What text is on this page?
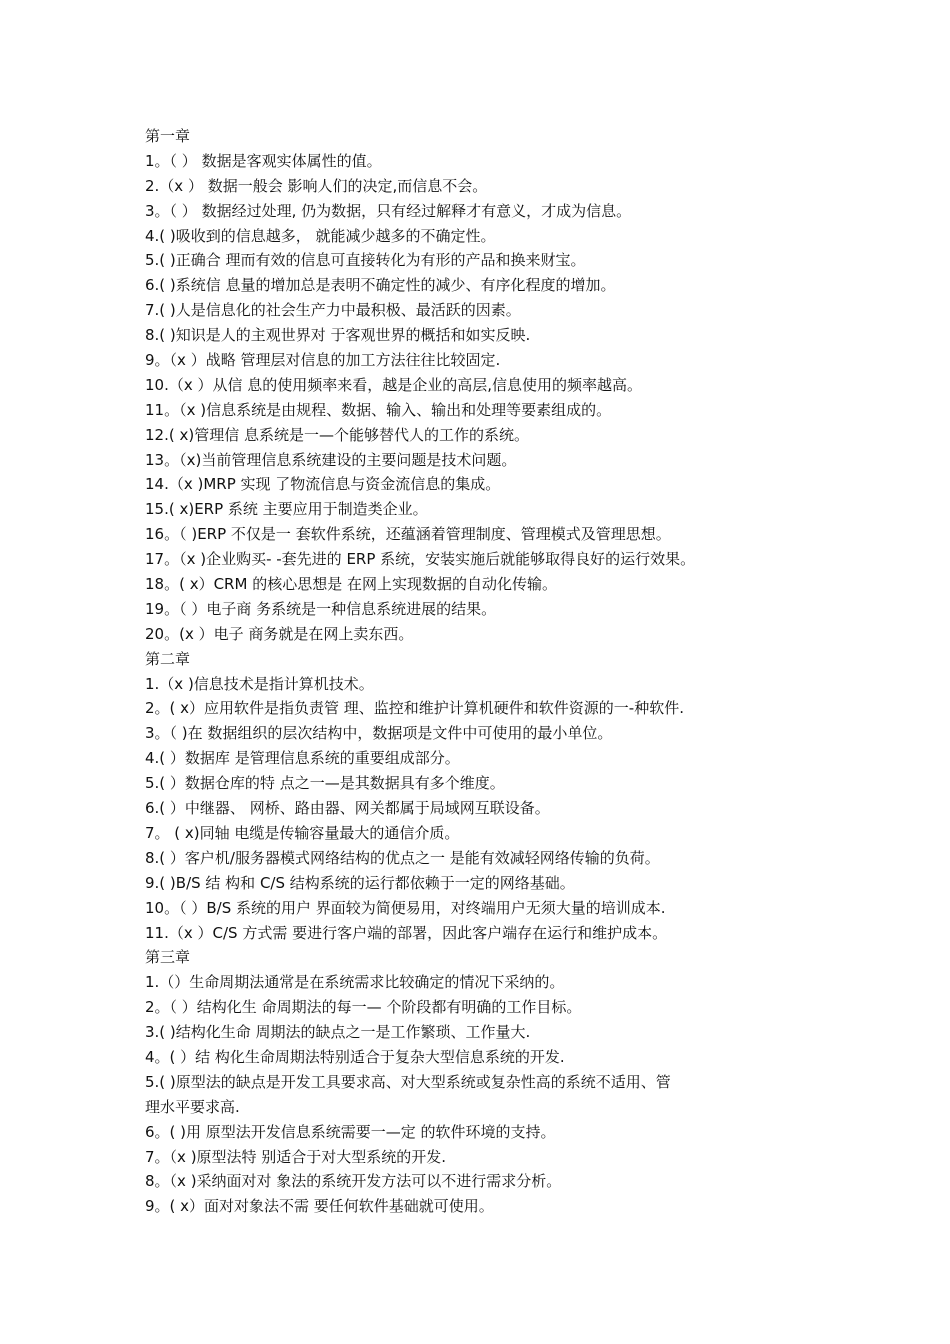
第一章
1。（ ） 数据是客观实体属性的值。
2.（x ） 数据一般会 影响人们的决定,而信息不会。
3。（ ） 数据经过处理, 仍为数据，只有经过解释才有意义，才成为信息。
4.( )吸收到的信息越多， 就能减少越多的不确定性。
5.( )正确合 理而有效的信息可直接转化为有形的产品和换来财宝。
6.( )系统信 息量的增加总是表明不确定性的减少、有序化程度的增加。
7.( )人是信息化的社会生产力中最积极、最活跃的因素。
8.( )知识是人的主观世界对 于客观世界的概括和如实反映.
9。（x ）战略 管理层对信息的加工方法往往比较固定.
10.（x ）从信 息的使用频率来看，越是企业的高层,信息使用的频率越高。
11。（x )信息系统是由规程、数据、输入、输出和处理等要素组成的。
12.( x)管理信 息系统是一—个能够替代人的工作的系统。
13。（x)当前管理信息系统建设的主要问题是技术问题。
14.（x )MRP 实现 了物流信息与资金流信息的集成。
15.( x)ERP 系统 主要应用于制造类企业。
16。（ )ERP 不仅是一 套软件系统，还蕴涵着管理制度、管理模式及管理思想。
17。（x )企业购买- -套先进的 ERP 系统，安装实施后就能够取得良好的运行效果。
18。( x）CRM 的核心思想是 在网上实现数据的自动化传输。
19。（ ）电子商 务系统是一种信息系统进展的结果。
20。(x ）电子 商务就是在网上卖东西。
第二章
1.（x )信息技术是指计算机技术。
2。( x）应用软件是指负责管 理、监控和维护计算机硬件和软件资源的一-种软件.
3。（ )在 数据组织的层次结构中，数据项是文件中可使用的最小单位。
4.( ）数据库 是管理信息系统的重要组成部分。
5.( ）数据仓库的特 点之一—是其数据具有多个维度。
6.( ）中继器、 网桥、路由器、网关都属于局域网互联设备。
7。 ( x)同轴 电缆是传输容量最大的通信介质。
8.( ）客户机/服务器模式网络结构的优点之一 是能有效减轻网络传输的负荷。
9.( )B/S 结 构和 C/S 结构系统的运行都依赖于一定的网络基础。
10。（ ）B/S 系统的用户 界面较为简便易用，对终端用户无须大量的培训成本.
11.（x ）C/S 方式需 要进行客户端的部署，因此客户端存在运行和维护成本。
第三章
1.（）生命周期法通常是在系统需求比较确定的情况下采纳的。
2。（ ）结构化生 命周期法的每一— 个阶段都有明确的工作目标。
3.( )结构化生命 周期法的缺点之一是工作繁琐、工作量大.
4。( ）结 构化生命周期法特别适合于复杂大型信息系统的开发.
5.( )原型法的缺点是开发工具要求高、对大型系统或复杂性高的系统不适用、管
理水平要求高.
6。( )用 原型法开发信息系统需要一—定 的软件环境的支持。
7。（x )原型法特 别适合于对大型系统的开发.
8。（x )采纳面对对 象法的系统开发方法可以不进行需求分析。
9。( x）面对对象法不需 要任何软件基础就可使用。
